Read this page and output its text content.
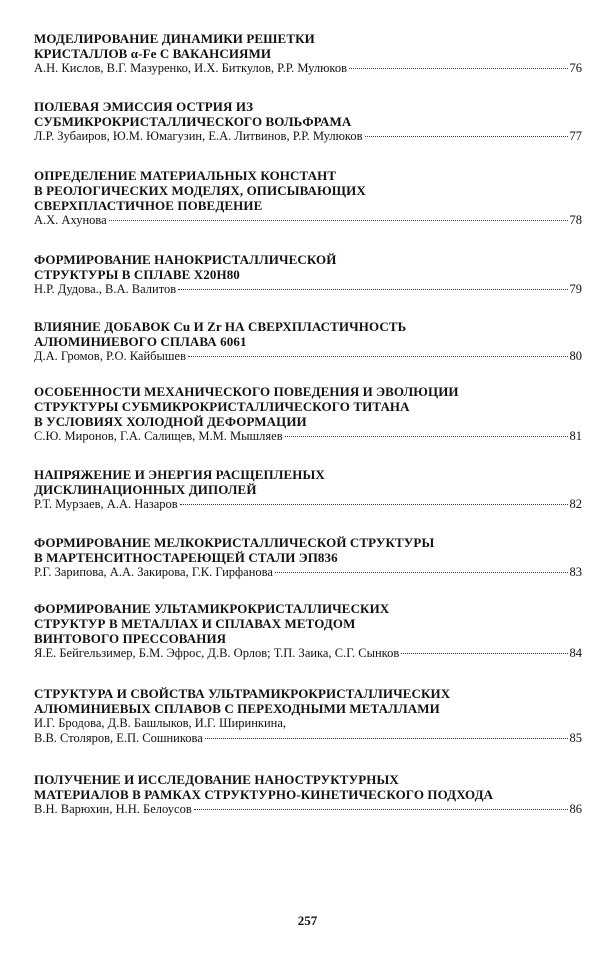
МОДЕЛИРОВАНИЕ ДИНАМИКИ РЕШЕТКИ
КРИСТАЛЛОВ α-Fe С ВАКАНСИЯМИ
А.Н. Кислов, В.Г. Мазуренко, И.Х. Биткулов, Р.Р. Мулюков	76
ПОЛЕВАЯ ЭМИССИЯ ОСТРИЯ ИЗ
СУБМИКРОКРИСТАЛЛИЧЕСКОГО ВОЛЬФРАМА
Л.Р. Зубаиров, Ю.М. Юмагузин, Е.А. Литвинов, Р.Р. Мулюков	77
ОПРЕДЕЛЕНИЕ МАТЕРИАЛЬНЫХ КОНСТАНТ
В РЕОЛОГИЧЕСКИХ МОДЕЛЯХ, ОПИСЫВАЮЩИХ
СВЕРХПЛАСТИЧНОЕ ПОВЕДЕНИЕ
А.Х. Ахунова	78
ФОРМИРОВАНИЕ НАНОКРИСТАЛЛИЧЕСКОЙ
СТРУКТУРЫ В СПЛАВЕ Х20Н80
Н.Р. Дудова., В.А. Валитов	79
ВЛИЯНИЕ ДОБАВОК Cu И Zr НА СВЕРХПЛАСТИЧНОСТЬ
АЛЮМИНИЕВОГО СПЛАВА 6061
Д.А. Громов, Р.О. Кайбышев	80
ОСОБЕННОСТИ МЕХАНИЧЕСКОГО ПОВЕДЕНИЯ И ЭВОЛЮЦИИ
СТРУКТУРЫ СУБМИКРОКРИСТАЛЛИЧЕСКОГО ТИТАНА
В УСЛОВИЯХ ХОЛОДНОЙ ДЕФОРМАЦИИ
С.Ю. Миронов, Г.А. Салищев, М.М. Мышляев	81
НАПРЯЖЕНИЕ И ЭНЕРГИЯ РАСЩЕПЛЕНЫХ
ДИСКЛИНАЦИОННЫХ ДИПОЛЕЙ
Р.Т. Мурзаев, А.А. Назаров	82
ФОРМИРОВАНИЕ МЕЛКОКРИСТАЛЛИЧЕСКОЙ СТРУКТУРЫ
В МАРТЕНСИТНОСТАРЕЮЩЕЙ СТАЛИ ЭП836
Р.Г. Зарипова, А.А. Закирова, Г.К. Гирфанова	83
ФОРМИРОВАНИЕ УЛЬТАМИКРОКРИСТАЛЛИЧЕСКИХ
СТРУКТУР В МЕТАЛЛАХ И СПЛАВАХ МЕТОДОМ
ВИНТОВОГО ПРЕССОВАНИЯ
Я.Е. Бейгельзимер, Б.М. Эфрос, Д.В. Орлов; Т.П. Заика, С.Г. Сынков	84
СТРУКТУРА И СВОЙСТВА УЛЬТРАМИКРОКРИСТАЛЛИЧЕСКИХ
АЛЮМИНИЕВЫХ СПЛАВОВ С ПЕРЕХОДНЫМИ МЕТАЛЛАМИ
И.Г. Бродова, Д.В. Башлыков, И.Г. Ширинкина,
В.В. Столяров, Е.П. Сошникова	85
ПОЛУЧЕНИЕ И ИССЛЕДОВАНИЕ НАНОСТРУКТУРНЫХ
МАТЕРИАЛОВ В РАМКАХ СТРУКТУРНО-КИНЕТИЧЕСКОГО ПОДХОДА
В.Н. Варюхин, Н.Н. Белоусов	86
257
